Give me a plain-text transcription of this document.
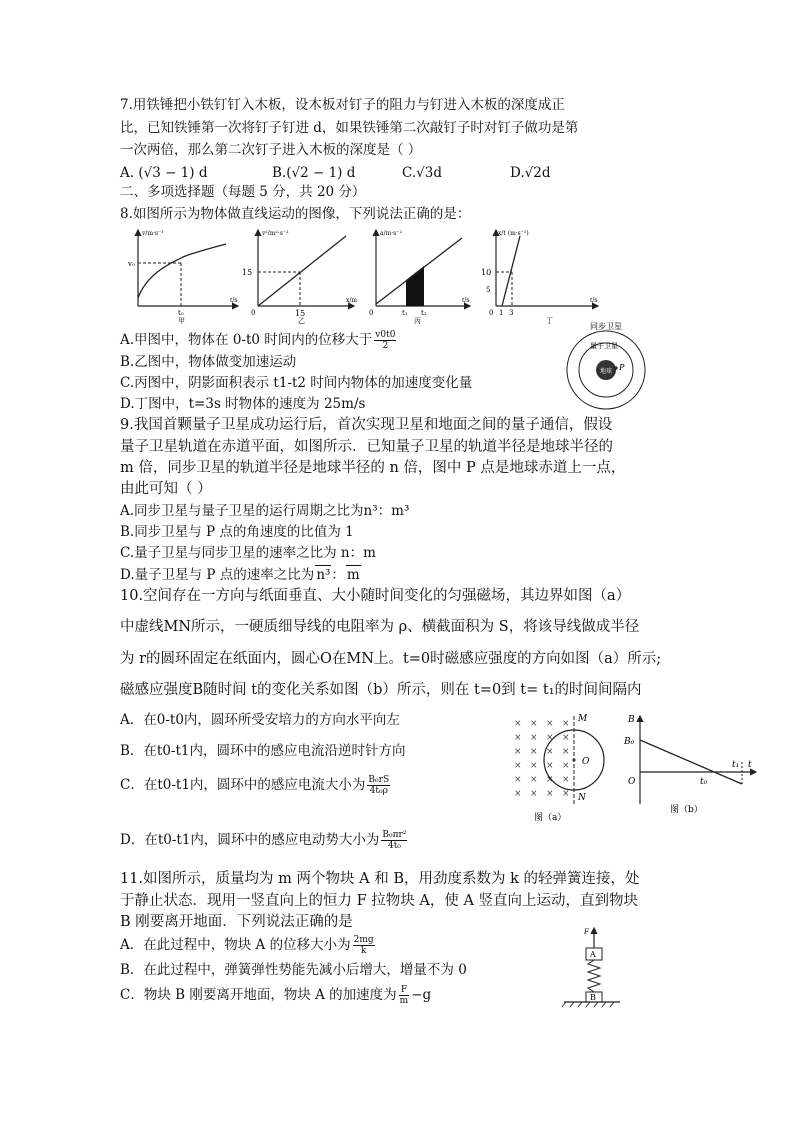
7.用铁锤把小铁钉钉入木板，设木板对钉子的阻力与钉进入木板的深度成正
比，已知铁锤第一次将钉子钉进 d，如果铁锤第二次敲钉子时对钉子做功是第
一次两倍，那么第二次钉子进入木板的深度是（ ）
A. (√3 − 1) d	B.(√2 − 1) d	C.√3d	D.√2d
二、多项选择题（每题 5 分，共 20 分）
8.如图所示为物体做直线运动的图像，下列说法正确的是：
v/m·s⁻¹
t/s
v₀
t₀
甲
v²/m²·s⁻²
x/m
15
15
0
乙
a/m·s⁻²
t/s
t₁ t₂
0
丙
x/t (m·s⁻¹)
t/s
10
5
1 3
0
丁
A.甲图中，物体在 0-t0 时间内的位移大于 $\frac{v0t0}{2}$
B.乙图中，物体做变加速运动
C.丙图中，阴影面积表示 t1-t2 时间内物体的加速度变化量
D.丁图中，t=3s 时物体的速度为 25m/s
同步卫星
量子卫星
地球 P
9.我国首颗量子卫星成功运行后，首次实现卫星和地面之间的量子通信，假设
量子卫星轨道在赤道平面，如图所示．已知量子卫星的轨道半径是地球半径的
m 倍，同步卫星的轨道半径是地球半径的 n 倍，图中 P 点是地球赤道上一点，
由此可知（ ）
A.同步卫星与量子卫星的运行周期之比为n³：m³
B.同步卫星与 P 点的角速度的比值为 1
C.量子卫星与同步卫星的速率之比为 n：m
D.量子卫星与 P 点的速率之比为 n³： m
10.空间存在一方向与纸面垂直、大小随时间变化的匀强磁场，其边界如图（a）
中虚线MN所示，一硬质细导线的电阻率为 ρ、横截面积为 S，将该导线做成半径
为 r的圆环固定在纸面内，圆心O在MN上。t=0时磁感应强度的方向如图（a）所示;
磁感应强度B随时间 t的变化关系如图（b）所示，则在 t=0到 t= t₁的时间间隔内
A．在0-t0内，圆环所受安培力的方向水平向左
B．在t0-t1内，圆环中的感应电流沿逆时针方向
C．在t0-t1内，圆环中的感应电流大小为 $\frac{\text{B₀rS}}{\text{4t₀ρ}}$
D．在t0-t1内，圆环中的感应电动势大小为 $\frac{\text{B₀πr²}}{\text{4t₀}}$
× × × ×
× × × ×
× × × ×
× × × ×
× × × ×
× × × ×
M
N
O
图（a）
B
B₀
O	t₀
t₁ t
图（b）
11.如图所示，质量均为 m 两个物块 A 和 B，用劲度系数为 k 的轻弹簧连接，处
于静止状态．现用一竖直向上的恒力 F 拉物块 A，使 A 竖直向上运动，直到物块
B 刚要离开地面．下列说法正确的是
A．在此过程中，物块 A 的位移大小为 $\frac{2mg}{k}$
B．在此过程中，弹簧弹性势能先减小后增大，增量不为 0
C．物块 B 刚要离开地面，物块 A 的加速度为 $\frac{F}{m} -g$
F
A
B
